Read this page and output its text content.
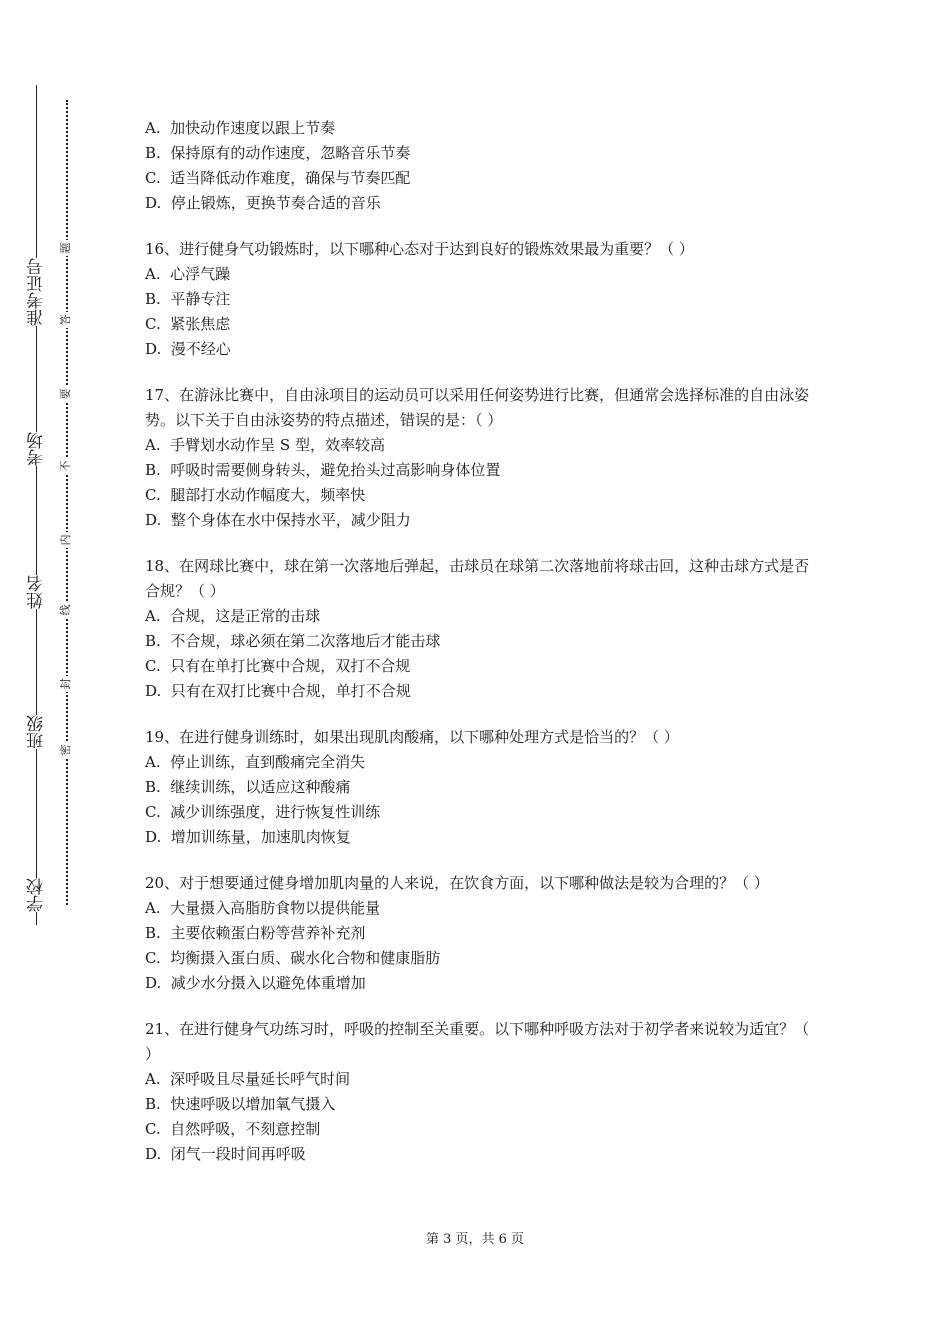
学校
班级
姓名
考场
准考证号
密
封
线
内
不
要
答
题

A.  加快动作速度以跟上节奏

B.  保持原有的动作速度，忽略音乐节奏

C.  适当降低动作难度，确保与节奏匹配

D.  停止锻炼，更换节奏合适的音乐

16、进行健身气功锻炼时，以下哪种心态对于达到良好的锻炼效果最为重要？（ ）

A.  心浮气躁

B.  平静专注

C.  紧张焦虑

D.  漫不经心

17、在游泳比赛中，自由泳项目的运动员可以采用任何姿势进行比赛，但通常会选择标准的自由泳姿势。以下关于自由泳姿势的特点描述，错误的是：（ ）

A.  手臂划水动作呈 S 型，效率较高

B.  呼吸时需要侧身转头，避免抬头过高影响身体位置

C.  腿部打水动作幅度大，频率快

D.  整个身体在水中保持水平，减少阻力

18、在网球比赛中，球在第一次落地后弹起，击球员在球第二次落地前将球击回，这种击球方式是否合规？（ ）

A.  合规，这是正常的击球

B.  不合规，球必须在第二次落地后才能击球

C.  只有在单打比赛中合规，双打不合规

D.  只有在双打比赛中合规，单打不合规

19、在进行健身训练时，如果出现肌肉酸痛，以下哪种处理方式是恰当的？（ ）

A.  停止训练，直到酸痛完全消失

B.  继续训练，以适应这种酸痛

C.  减少训练强度，进行恢复性训练

D.  增加训练量，加速肌肉恢复

20、对于想要通过健身增加肌肉量的人来说，在饮食方面，以下哪种做法是较为合理的？（ ）

A.  大量摄入高脂肪食物以提供能量

B.  主要依赖蛋白粉等营养补充剂

C.  均衡摄入蛋白质、碳水化合物和健康脂肪

D.  减少水分摄入以避免体重增加

21、在进行健身气功练习时，呼吸的控制至关重要。以下哪种呼吸方法对于初学者来说较为适宜？（ ）

A.  深呼吸且尽量延长呼气时间

B.  快速呼吸以增加氧气摄入

C.  自然呼吸，不刻意控制

D.  闭气一段时间再呼吸

第 3 页，共 6 页
